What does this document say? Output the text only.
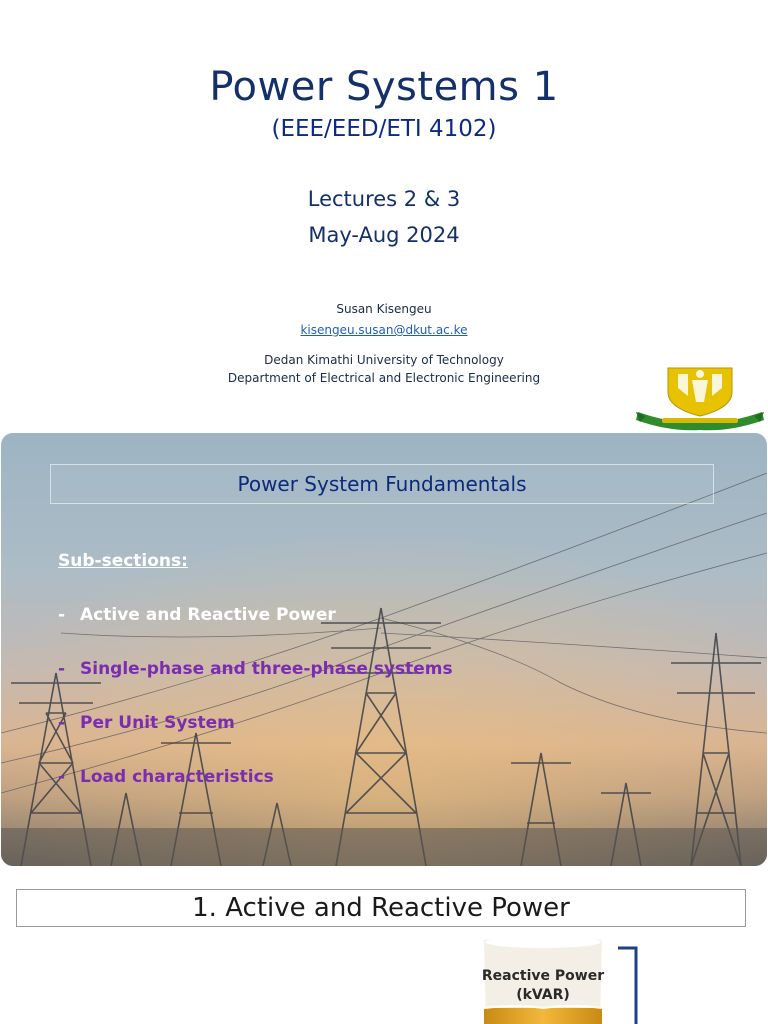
Power Systems 1
(EEE/EED/ETI 4102)
Lectures 2 & 3
May-Aug 2024
Susan Kisengeu
kisengeu.susan@dkut.ac.ke
Dedan Kimathi University of Technology
Department of Electrical and Electronic Engineering
Power System Fundamentals
Sub-sections:
- Active and Reactive Power
- Single-phase and three-phase systems
- Per Unit System
- Load characteristics
1. Active and Reactive Power
Reactive Power
(kVAR)
